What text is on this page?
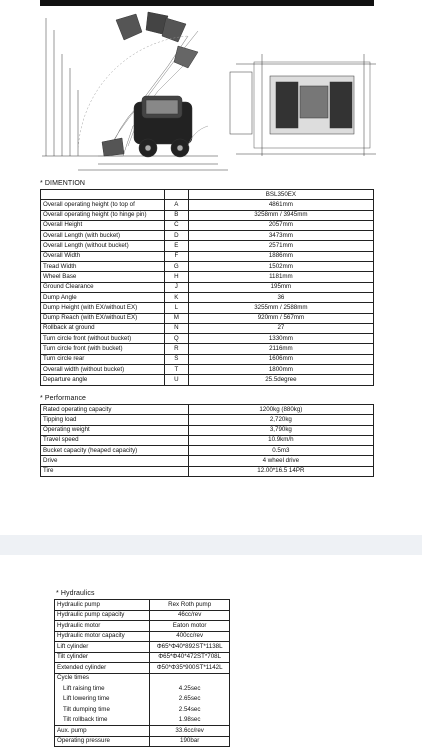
* DIMENTION
		BSL350EX
Overall operating height (to top of	A	4861mm
Overall operating height (to hinge pin)	B	3258mm / 3945mm
Overall Height	C	2057mm
Overall Length (with bucket)	D	3473mm
Overall Length (without bucket)	E	2571mm
Overall Width	F	1886mm
Tread Width	G	1502mm
Wheel Base	H	1181mm
Ground Clearance	J	195mm
Dump Angle	K	36
Dump Height (with EX/without EX)	L	3255mm / 2588mm
Dump Reach (with EX/without EX)	M	920mm / 567mm
Rollback at ground	N	27
Turn circle front (without bucket)	Q	1330mm
Turn circle front (with bucket)	R	2116mm
Turn circle rear	S	1606mm
Overall width (without bucket)	T	1800mm
Departure angle	U	25.5degree
* Performance
Rated operating capacity	1200kg (880kg)
Tipping load	2,720kg
Operating weight	3,790kg
Travel speed	10.9km/h
Bucket capacity (heaped capacity)	0.5m3
Drive	4 wheel drive
Tire	12.00*16.5 14PR
* Hydraulics
Hydraulic pump	Rex Roth pump
Hydraulic pump capacity	46cc/rev
Hydraulic motor	Eaton motor
Hydraulic motor capacity	400cc/rev
Lift cylinder	Φ65*Φ40*892ST*1138L
Tilt cylinder	Φ65*Φ40*472ST*708L
Extended cylinder	Φ50*Φ35*900ST*1142L
Cycle times	
Lift raising time	4.25sec
Lift lowering time	2.65sec
Tilt dumping time	2.54sec
Tilt rollback time	1.98sec
Aux. pump	33.6cc/rev
Operating pressure	190bar
